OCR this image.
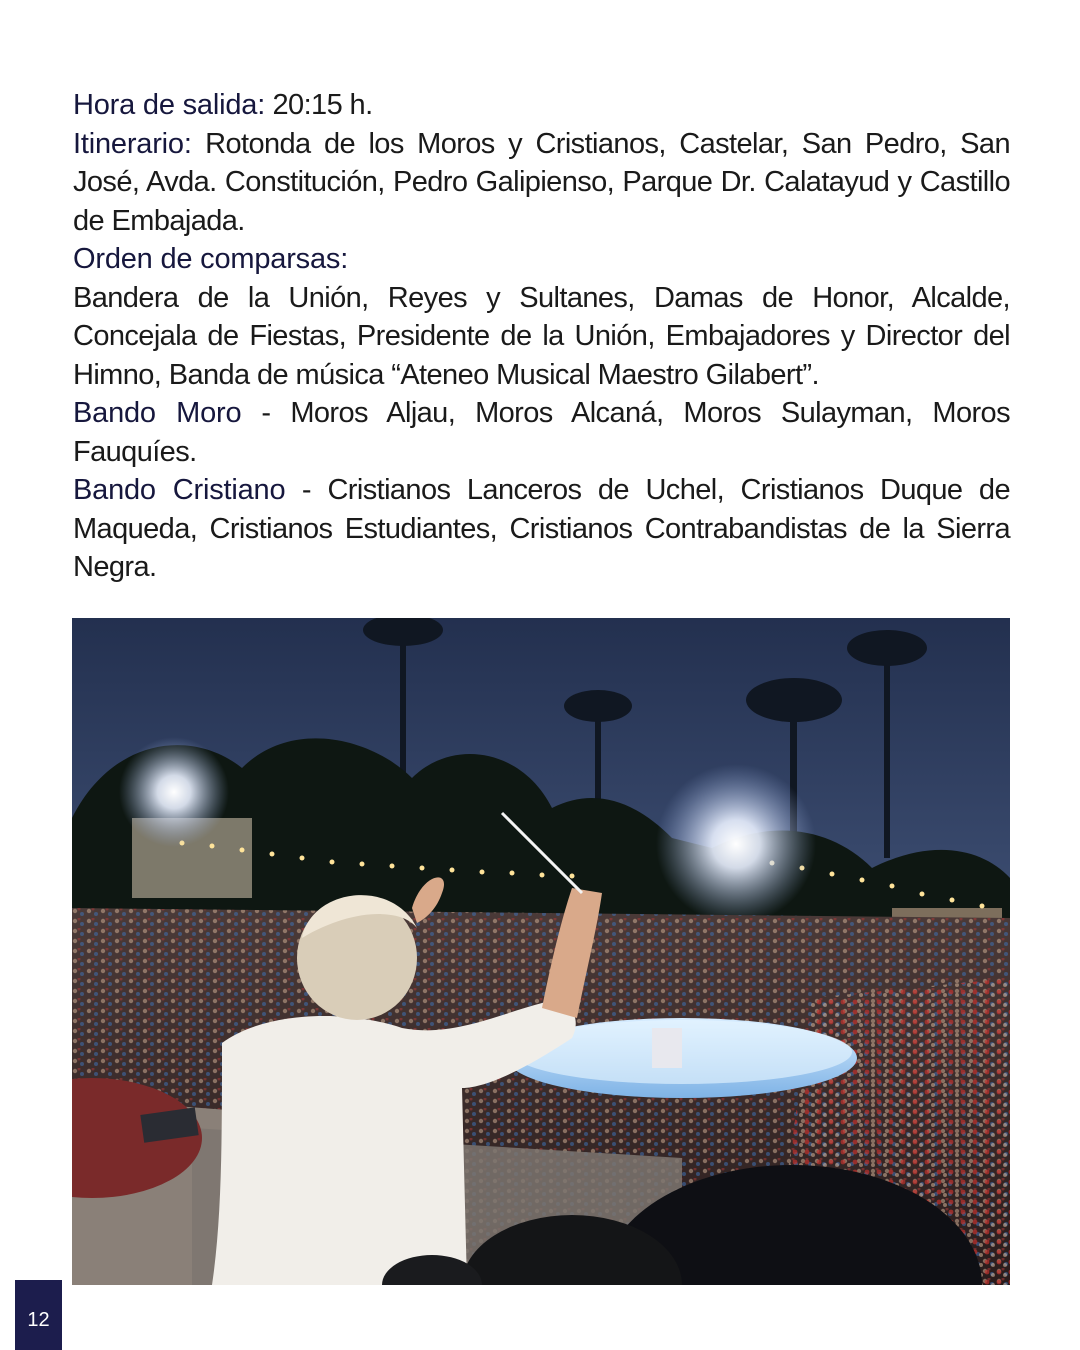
Hora de salida: 20:15 h.

Itinerario: Rotonda de los Moros y Cristianos, Castelar, San Pedro, San José, Avda. Constitución, Pedro Galipienso, Parque Dr. Calatayud y Castillo de Embajada.

Orden de comparsas:

Bandera de la Unión, Reyes y Sultanes, Damas de Honor, Alcalde, Concejala de Fiestas, Presidente de la Unión, Embajadores y Director del Himno, Banda de música “Ateneo Musical Maestro Gilabert”.

Bando Moro - Moros Aljau, Moros Alcaná, Moros Sulayman, Moros Fauquíes.

Bando Cristiano - Cristianos Lanceros de Uchel, Cristianos Duque de Maqueda, Cristianos Estudiantes, Cristianos Contrabandistas de la Sierra Negra.

12
